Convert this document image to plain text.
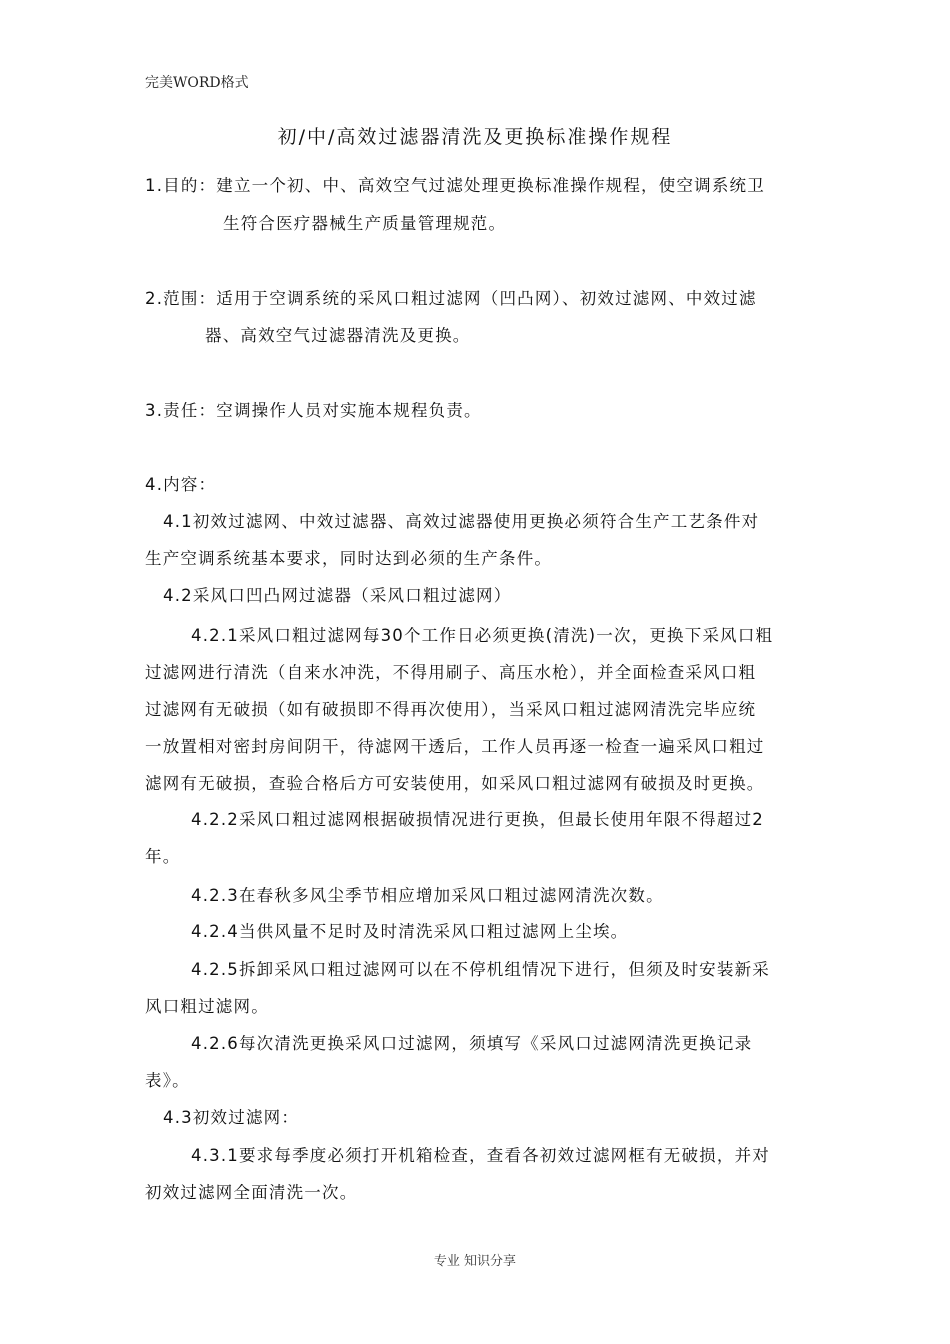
完美WORD格式
初/中/高效过滤器清洗及更换标准操作规程
1.目的：建立一个初、中、高效空气过滤处理更换标准操作规程，使空调系统卫
生符合医疗器械生产质量管理规范。
2.范围：适用于空调系统的采风口粗过滤网（凹凸网）、初效过滤网、中效过滤
器、高效空气过滤器清洗及更换。
3.责任：空调操作人员对实施本规程负责。
4.内容：
4.1初效过滤网、中效过滤器、高效过滤器使用更换必须符合生产工艺条件对
生产空调系统基本要求，同时达到必须的生产条件。
4.2采风口凹凸网过滤器（采风口粗过滤网）
4.2.1采风口粗过滤网每30个工作日必须更换(清洗)一次，更换下采风口粗
过滤网进行清洗（自来水冲洗，不得用刷子、高压水枪），并全面检查采风口粗
过滤网有无破损（如有破损即不得再次使用），当采风口粗过滤网清洗完毕应统
一放置相对密封房间阴干，待滤网干透后，工作人员再逐一检查一遍采风口粗过
滤网有无破损，查验合格后方可安装使用，如采风口粗过滤网有破损及时更换。
4.2.2采风口粗过滤网根据破损情况进行更换，但最长使用年限不得超过2
年。
4.2.3在春秋多风尘季节相应增加采风口粗过滤网清洗次数。
4.2.4当供风量不足时及时清洗采风口粗过滤网上尘埃。
4.2.5拆卸采风口粗过滤网可以在不停机组情况下进行，但须及时安装新采
风口粗过滤网。
4.2.6每次清洗更换采风口过滤网，须填写《采风口过滤网清洗更换记录
表》。
4.3初效过滤网：
4.3.1要求每季度必须打开机箱检查，查看各初效过滤网框有无破损，并对
初效过滤网全面清洗一次。
专业 知识分享
